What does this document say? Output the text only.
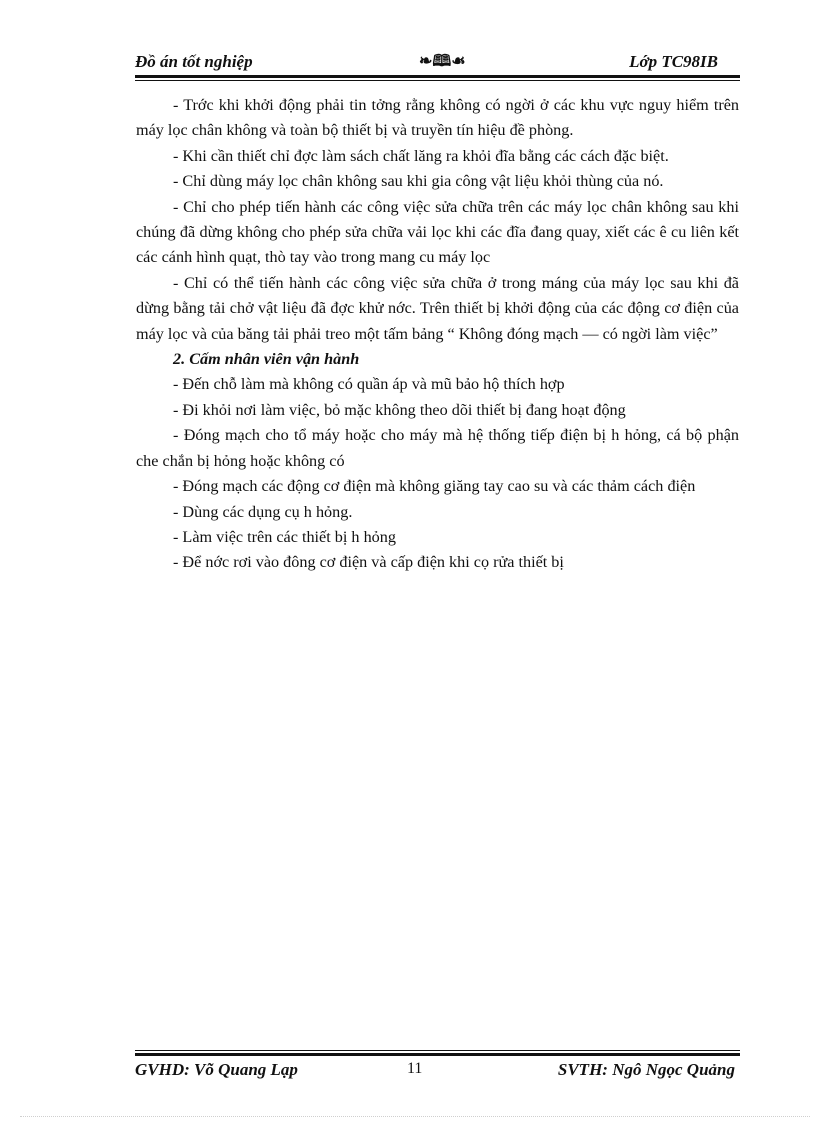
Đồ án tốt nghiệp	❧🕮☙	Lớp TC98IB

- Trớc khi khởi động phải tin tởng rằng không có ngời ở các khu vực nguy hiểm trên máy lọc chân không và toàn bộ thiết bị và truyền tín hiệu đề phòng.

- Khi cần thiết chỉ đợc làm sách chất lăng ra khỏi đĩa bằng các cách đặc biệt.

- Chỉ dùng máy lọc chân không sau khi gia công vật liệu khỏi thùng của nó.

- Chỉ cho phép tiến hành các công việc sửa chữa trên các máy lọc chân không sau khi chúng đã dừng không cho phép sửa chữa vải lọc khi các đĩa đang quay, xiết các ê cu liên kết các cánh hình quạt, thò tay vào trong mang cu máy lọc

- Chỉ có thể tiến hành các công việc sửa chữa ở trong máng của máy lọc sau khi đã dừng bằng tải chở vật liệu đã đợc khử nớc. Trên thiết bị khởi động của các động cơ điện của máy lọc và của băng tải phải treo một tấm bảng “ Không đóng mạch — có ngời làm việc”

2. Cấm nhân viên vận hành

- Đến chỗ làm mà không có quần áp và mũ bảo hộ thích hợp

- Đi khỏi nơi làm việc, bỏ mặc không theo dõi thiết bị đang hoạt động

- Đóng mạch cho tổ máy hoặc cho máy mà hệ thống tiếp điện bị h hỏng, cá bộ phận che chắn bị hỏng hoặc không có

- Đóng mạch các động cơ điện mà không giăng tay cao su và các thảm cách điện

- Dùng các dụng cụ h hỏng.

- Làm việc trên các thiết bị h hỏng

- Để nớc rơi vào đông cơ điện và cấp điện khi cọ rửa thiết bị

GVHD: Võ Quang Lạp	11	SVTH: Ngô Ngọc Quảng
